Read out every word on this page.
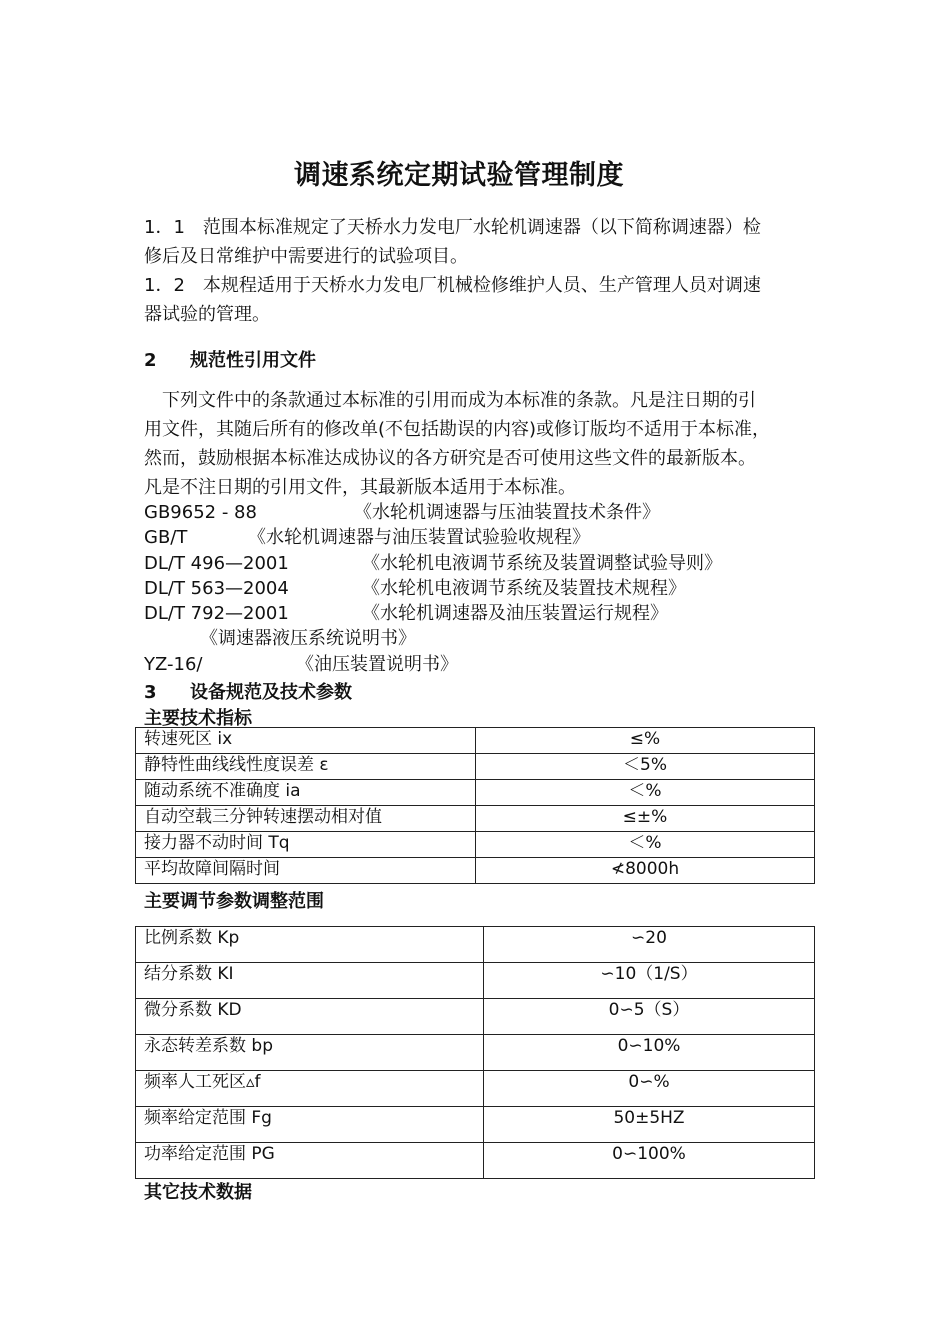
调速系统定期试验管理制度
1．1　范围本标准规定了天桥水力发电厂水轮机调速器（以下简称调速器）检
修后及日常维护中需要进行的试验项目。
1．2　本规程适用于天桥水力发电厂机械检修维护人员、生产管理人员对调速
器试验的管理。
2 规范性引用文件
　下列文件中的条款通过本标准的引用而成为本标准的条款。凡是注日期的引
用文件，其随后所有的修改单(不包括勘误的内容)或修订版均不适用于本标准，
然而，鼓励根据本标准达成协议的各方研究是否可使用这些文件的最新版本。
凡是不注日期的引用文件，其最新版本适用于本标准。
GB9652 - 88	《水轮机调速器与压油装置技术条件》
GB/T	《水轮机调速器与油压装置试验验收规程》
DL/T 496—2001	《水轮机电液调节系统及装置调整试验导则》
DL/T 563—2004	《水轮机电液调节系统及装置技术规程》
DL/T 792—2001	《水轮机调速器及油压装置运行规程》
《调速器液压系统说明书》
YZ-16/	《油压装置说明书》
3 设备规范及技术参数
主要技术指标
转速死区 ix	≤%
静特性曲线线性度误差 ε	＜5%
随动系统不准确度 ia	＜%
自动空载三分钟转速摆动相对值	≤±%
接力器不动时间 Tq	＜%
平均故障间隔时间	≮8000h
主要调节参数调整范围
比例系数 Kp	∽20
结分系数 KI	∽10（1/S）
微分系数 KD	0∽5（S）
永态转差系数 bp	0∽10%
频率人工死区▵f	0∽%
频率给定范围 Fg	50±5HZ
功率给定范围 PG	0∽100%
其它技术数据
